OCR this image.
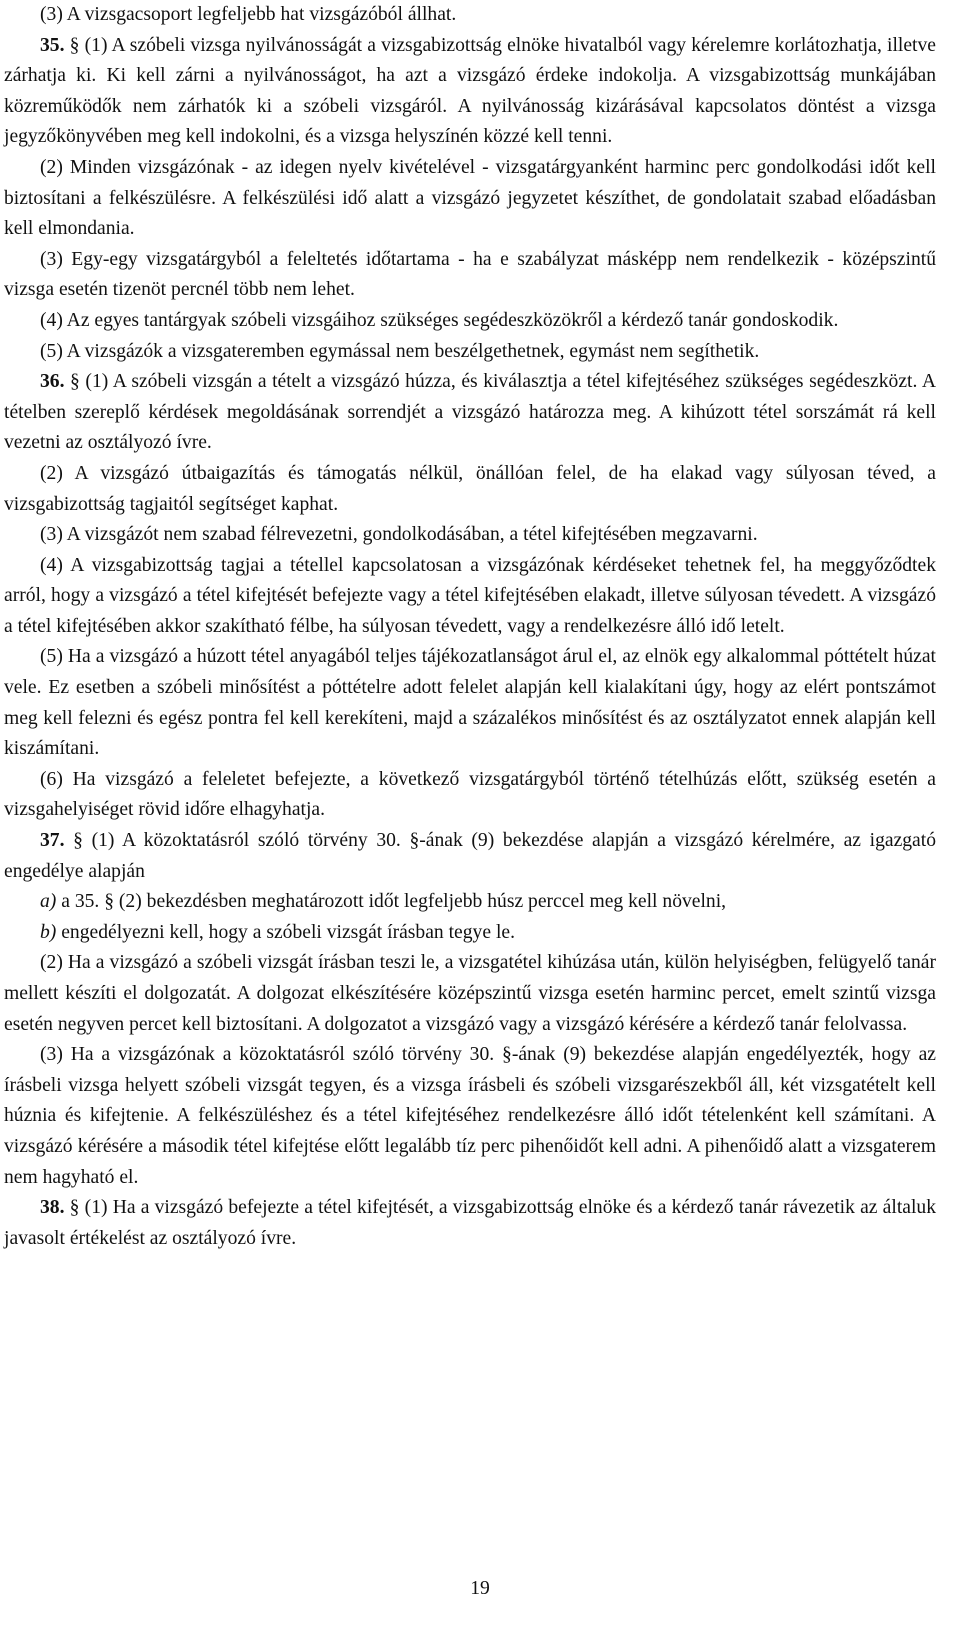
(3) A vizsgacsoport legfeljebb hat vizsgázóból állhat.

35. § (1) A szóbeli vizsga nyilvánosságát a vizsgabizottság elnöke hivatalból vagy kérelemre korlátozhatja, illetve zárhatja ki. Ki kell zárni a nyilvánosságot, ha azt a vizsgázó érdeke indokolja. A vizsgabizottság munkájában közreműködők nem zárhatók ki a szóbeli vizsgáról. A nyilvánosság kizárásával kapcsolatos döntést a vizsga jegyzőkönyvében meg kell indokolni, és a vizsga helyszínén közzé kell tenni.

(2) Minden vizsgázónak - az idegen nyelv kivételével - vizsgatárgyanként harminc perc gondolkodási időt kell biztosítani a felkészülésre. A felkészülési idő alatt a vizsgázó jegyzetet készíthet, de gondolatait szabad előadásban kell elmondania.

(3) Egy-egy vizsgatárgyból a feleltetés időtartama - ha e szabályzat másképp nem rendelkezik - középszintű vizsga esetén tizenöt percnél több nem lehet.

(4) Az egyes tantárgyak szóbeli vizsgáihoz szükséges segédeszközökről a kérdező tanár gondoskodik.

(5) A vizsgázók a vizsgateremben egymással nem beszélgethetnek, egymást nem segíthetik.

36. § (1) A szóbeli vizsgán a tételt a vizsgázó húzza, és kiválasztja a tétel kifejtéséhez szükséges segédeszközt. A tételben szereplő kérdések megoldásának sorrendjét a vizsgázó határozza meg. A kihúzott tétel sorszámát rá kell vezetni az osztályozó ívre.

(2) A vizsgázó útbaigazítás és támogatás nélkül, önállóan felel, de ha elakad vagy súlyosan téved, a vizsgabizottság tagjaitól segítséget kaphat.

(3) A vizsgázót nem szabad félrevezetni, gondolkodásában, a tétel kifejtésében megzavarni.

(4) A vizsgabizottság tagjai a tétellel kapcsolatosan a vizsgázónak kérdéseket tehetnek fel, ha meggyőződtek arról, hogy a vizsgázó a tétel kifejtését befejezte vagy a tétel kifejtésében elakadt, illetve súlyosan tévedett. A vizsgázó a tétel kifejtésében akkor szakítható félbe, ha súlyosan tévedett, vagy a rendelkezésre álló idő letelt.

(5) Ha a vizsgázó a húzott tétel anyagából teljes tájékozatlanságot árul el, az elnök egy alkalommal póttételt húzat vele. Ez esetben a szóbeli minősítést a póttételre adott felelet alapján kell kialakítani úgy, hogy az elért pontszámot meg kell felezni és egész pontra fel kell kerekíteni, majd a százalékos minősítést és az osztályzatot ennek alapján kell kiszámítani.

(6) Ha vizsgázó a feleletet befejezte, a következő vizsgatárgyból történő tételhúzás előtt, szükség esetén a vizsgahelyiséget rövid időre elhagyhatja.

37. § (1) A közoktatásról szóló törvény 30. §-ának (9) bekezdése alapján a vizsgázó kérelmére, az igazgató engedélye alapján

a) a 35. § (2) bekezdésben meghatározott időt legfeljebb húsz perccel meg kell növelni,

b) engedélyezni kell, hogy a szóbeli vizsgát írásban tegye le.

(2) Ha a vizsgázó a szóbeli vizsgát írásban teszi le, a vizsgatétel kihúzása után, külön helyiségben, felügyelő tanár mellett készíti el dolgozatát. A dolgozat elkészítésére középszintű vizsga esetén harminc percet, emelt szintű vizsga esetén negyven percet kell biztosítani. A dolgozatot a vizsgázó vagy a vizsgázó kérésére a kérdező tanár felolvassa.

(3) Ha a vizsgázónak a közoktatásról szóló törvény 30. §-ának (9) bekezdése alapján engedélyezték, hogy az írásbeli vizsga helyett szóbeli vizsgát tegyen, és a vizsga írásbeli és szóbeli vizsgarészekből áll, két vizsgatételt kell húznia és kifejtenie. A felkészüléshez és a tétel kifejtéséhez rendelkezésre álló időt tételenként kell számítani. A vizsgázó kérésére a második tétel kifejtése előtt legalább tíz perc pihenőidőt kell adni. A pihenőidő alatt a vizsgaterem nem hagyható el.

38. § (1) Ha a vizsgázó befejezte a tétel kifejtését, a vizsgabizottság elnöke és a kérdező tanár rávezetik az általuk javasolt értékelést az osztályozó ívre.

19
